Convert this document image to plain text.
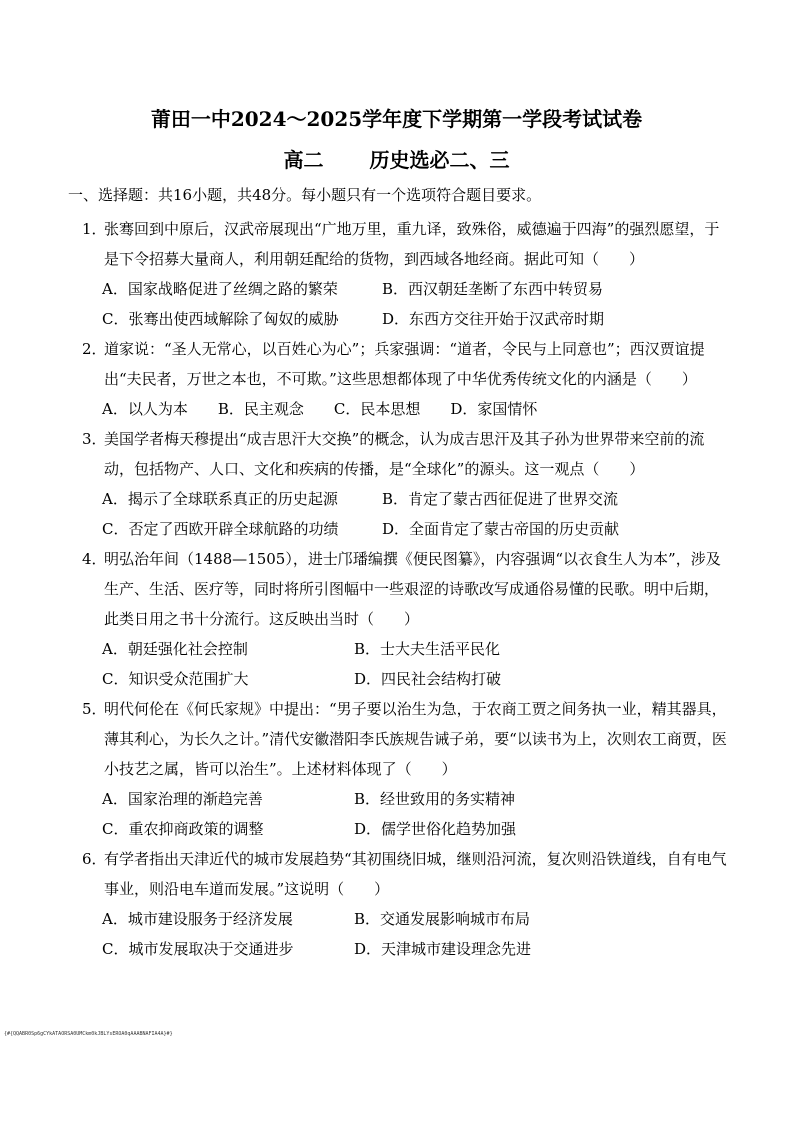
莆田一中2024～2025学年度下学期第一学段考试试卷
高二 历史选必二、三
一、选择题：共16小题，共48分。每小题只有一个选项符合题目要求。
1．张骞回到中原后，汉武帝展现出“广地万里，重九译，致殊俗，威德遍于四海”的强烈愿望，于是下令招募大量商人，利用朝廷配给的货物，到西域各地经商。据此可知（　　）
A．国家战略促进了丝绸之路的繁荣	B．西汉朝廷垄断了东西中转贸易
C．张骞出使西域解除了匈奴的威胁	D．东西方交往开始于汉武帝时期
2．道家说：“圣人无常心，以百姓心为心”；兵家强调：“道者，令民与上同意也”；西汉贾谊提出“夫民者，万世之本也，不可欺。”这些思想都体现了中华优秀传统文化的内涵是（　　）
A．以人为本 B．民主观念 C．民本思想 D．家国情怀
3．美国学者梅天穆提出“成吉思汗大交换”的概念，认为成吉思汗及其子孙为世界带来空前的流动，包括物产、人口、文化和疾病的传播，是“全球化”的源头。这一观点（　　）
A．揭示了全球联系真正的历史起源	B．肯定了蒙古西征促进了世界交流
C．否定了西欧开辟全球航路的功绩	D．全面肯定了蒙古帝国的历史贡献
4．明弘治年间（1488—1505），进士邝璠编撰《便民图纂》，内容强调“以衣食生人为本”，涉及生产、生活、医疗等，同时将所引图幅中一些艰涩的诗歌改写成通俗易懂的民歌。明中后期，此类日用之书十分流行。这反映出当时（　　）
A．朝廷强化社会控制	B．士大夫生活平民化
C．知识受众范围扩大	D．四民社会结构打破
5．明代何伦在《何氏家规》中提出：“男子要以治生为急，于农商工贾之间务执一业，精其器具，薄其利心，为长久之计。”清代安徽潜阳李氏族规告诫子弟，要“以读书为上，次则农工商贾，医小技艺之属，皆可以治生”。上述材料体现了（　　）
A．国家治理的渐趋完善	B．经世致用的务实精神
C．重农抑商政策的调整	D．儒学世俗化趋势加强
6．有学者指出天津近代的城市发展趋势“其初围绕旧城，继则沿河流，复次则沿铁道线，自有电气事业，则沿电车道而发展。”这说明（　　）
A．城市建设服务于经济发展	B．交通发展影响城市布局
C．城市发展取决于交通进步	D．天津城市建设理念先进
{#{QQABR0Sp6gCYkATAORSA0UMCkm0kJBLYsEROA0qAAABNAFIA4A}#}
